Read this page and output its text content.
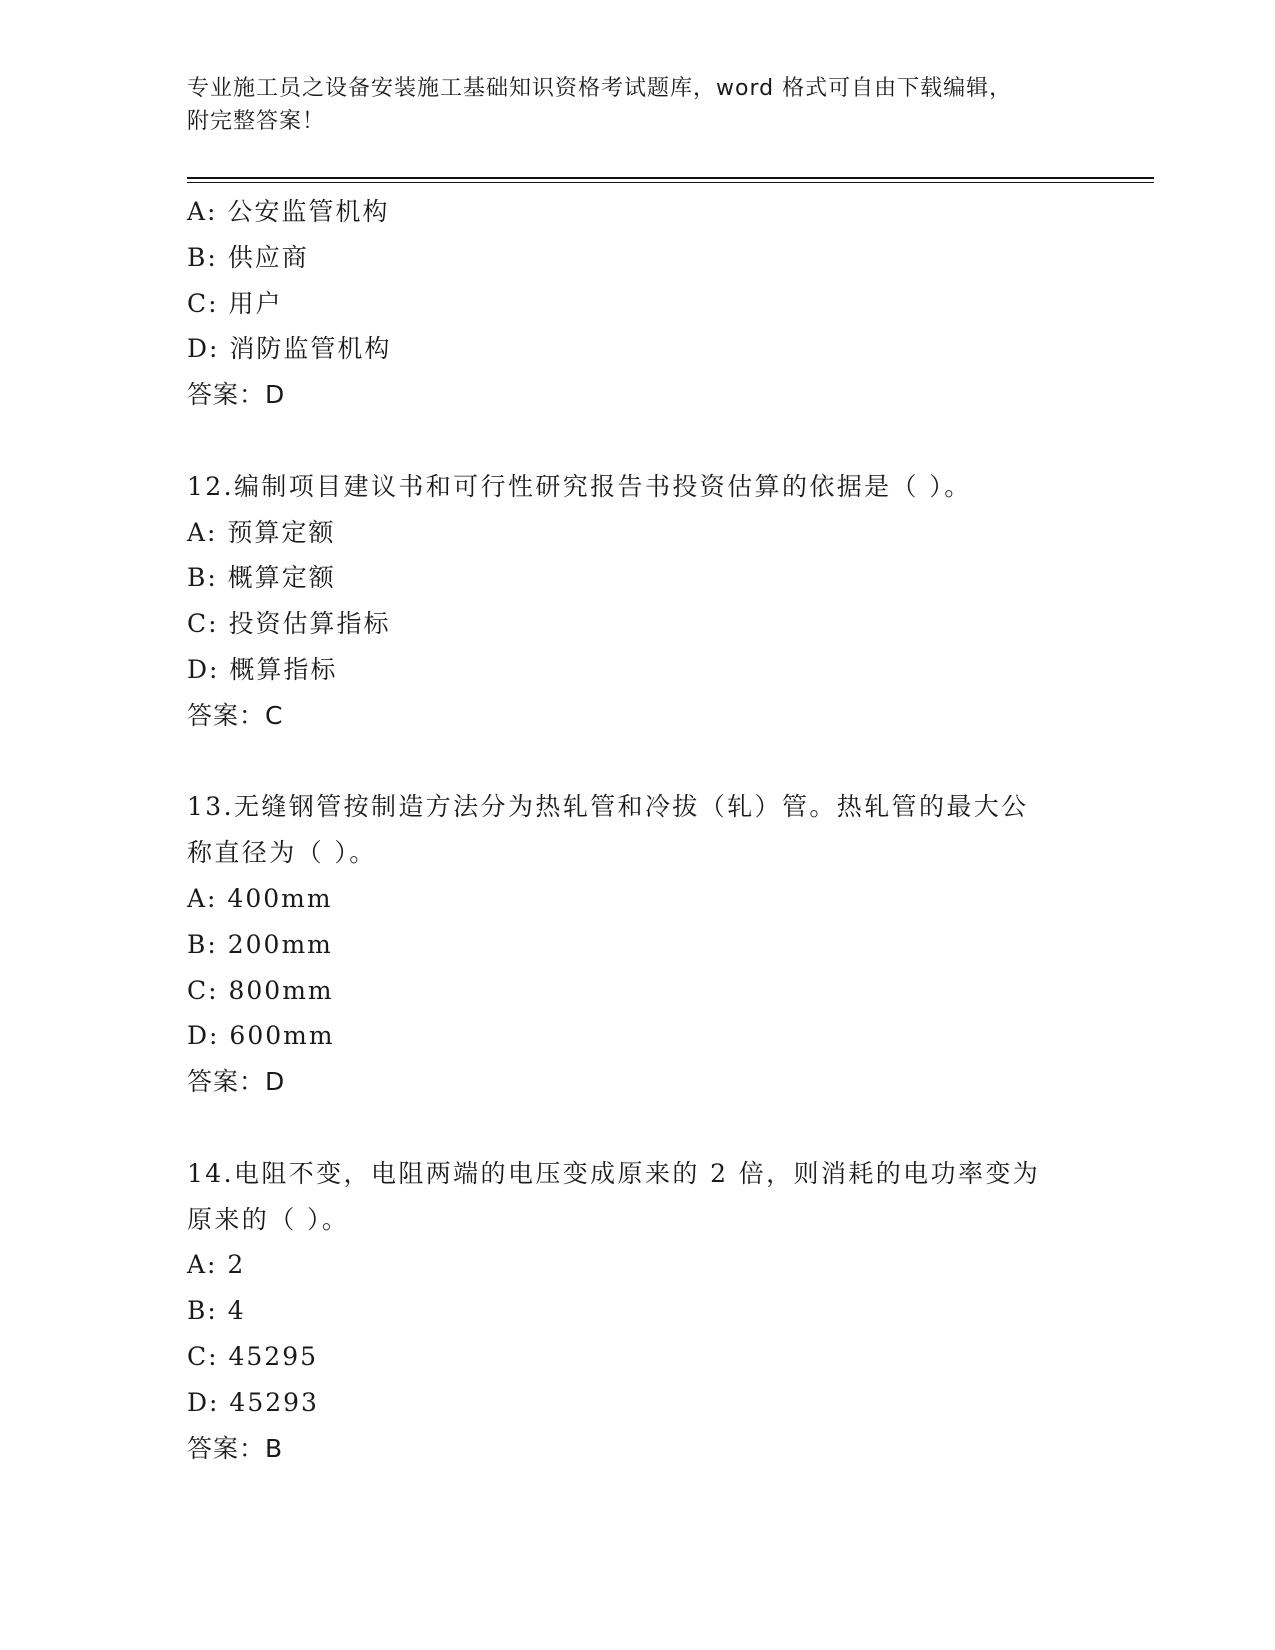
专业施工员之设备安装施工基础知识资格考试题库，word 格式可自由下载编辑，
附完整答案！
A: 公安监管机构
B: 供应商
C: 用户
D: 消防监管机构
答案：D
12.编制项目建议书和可行性研究报告书投资估算的依据是（ ）。
A: 预算定额
B: 概算定额
C: 投资估算指标
D: 概算指标
答案：C
13.无缝钢管按制造方法分为热轧管和冷拔（轧）管。热轧管的最大公
称直径为（ ）。
A: 400mm
B: 200mm
C: 800mm
D: 600mm
答案：D
14.电阻不变，电阻两端的电压变成原来的 2 倍，则消耗的电功率变为
原来的（ ）。
A: 2
B: 4
C: 45295
D: 45293
答案：B
